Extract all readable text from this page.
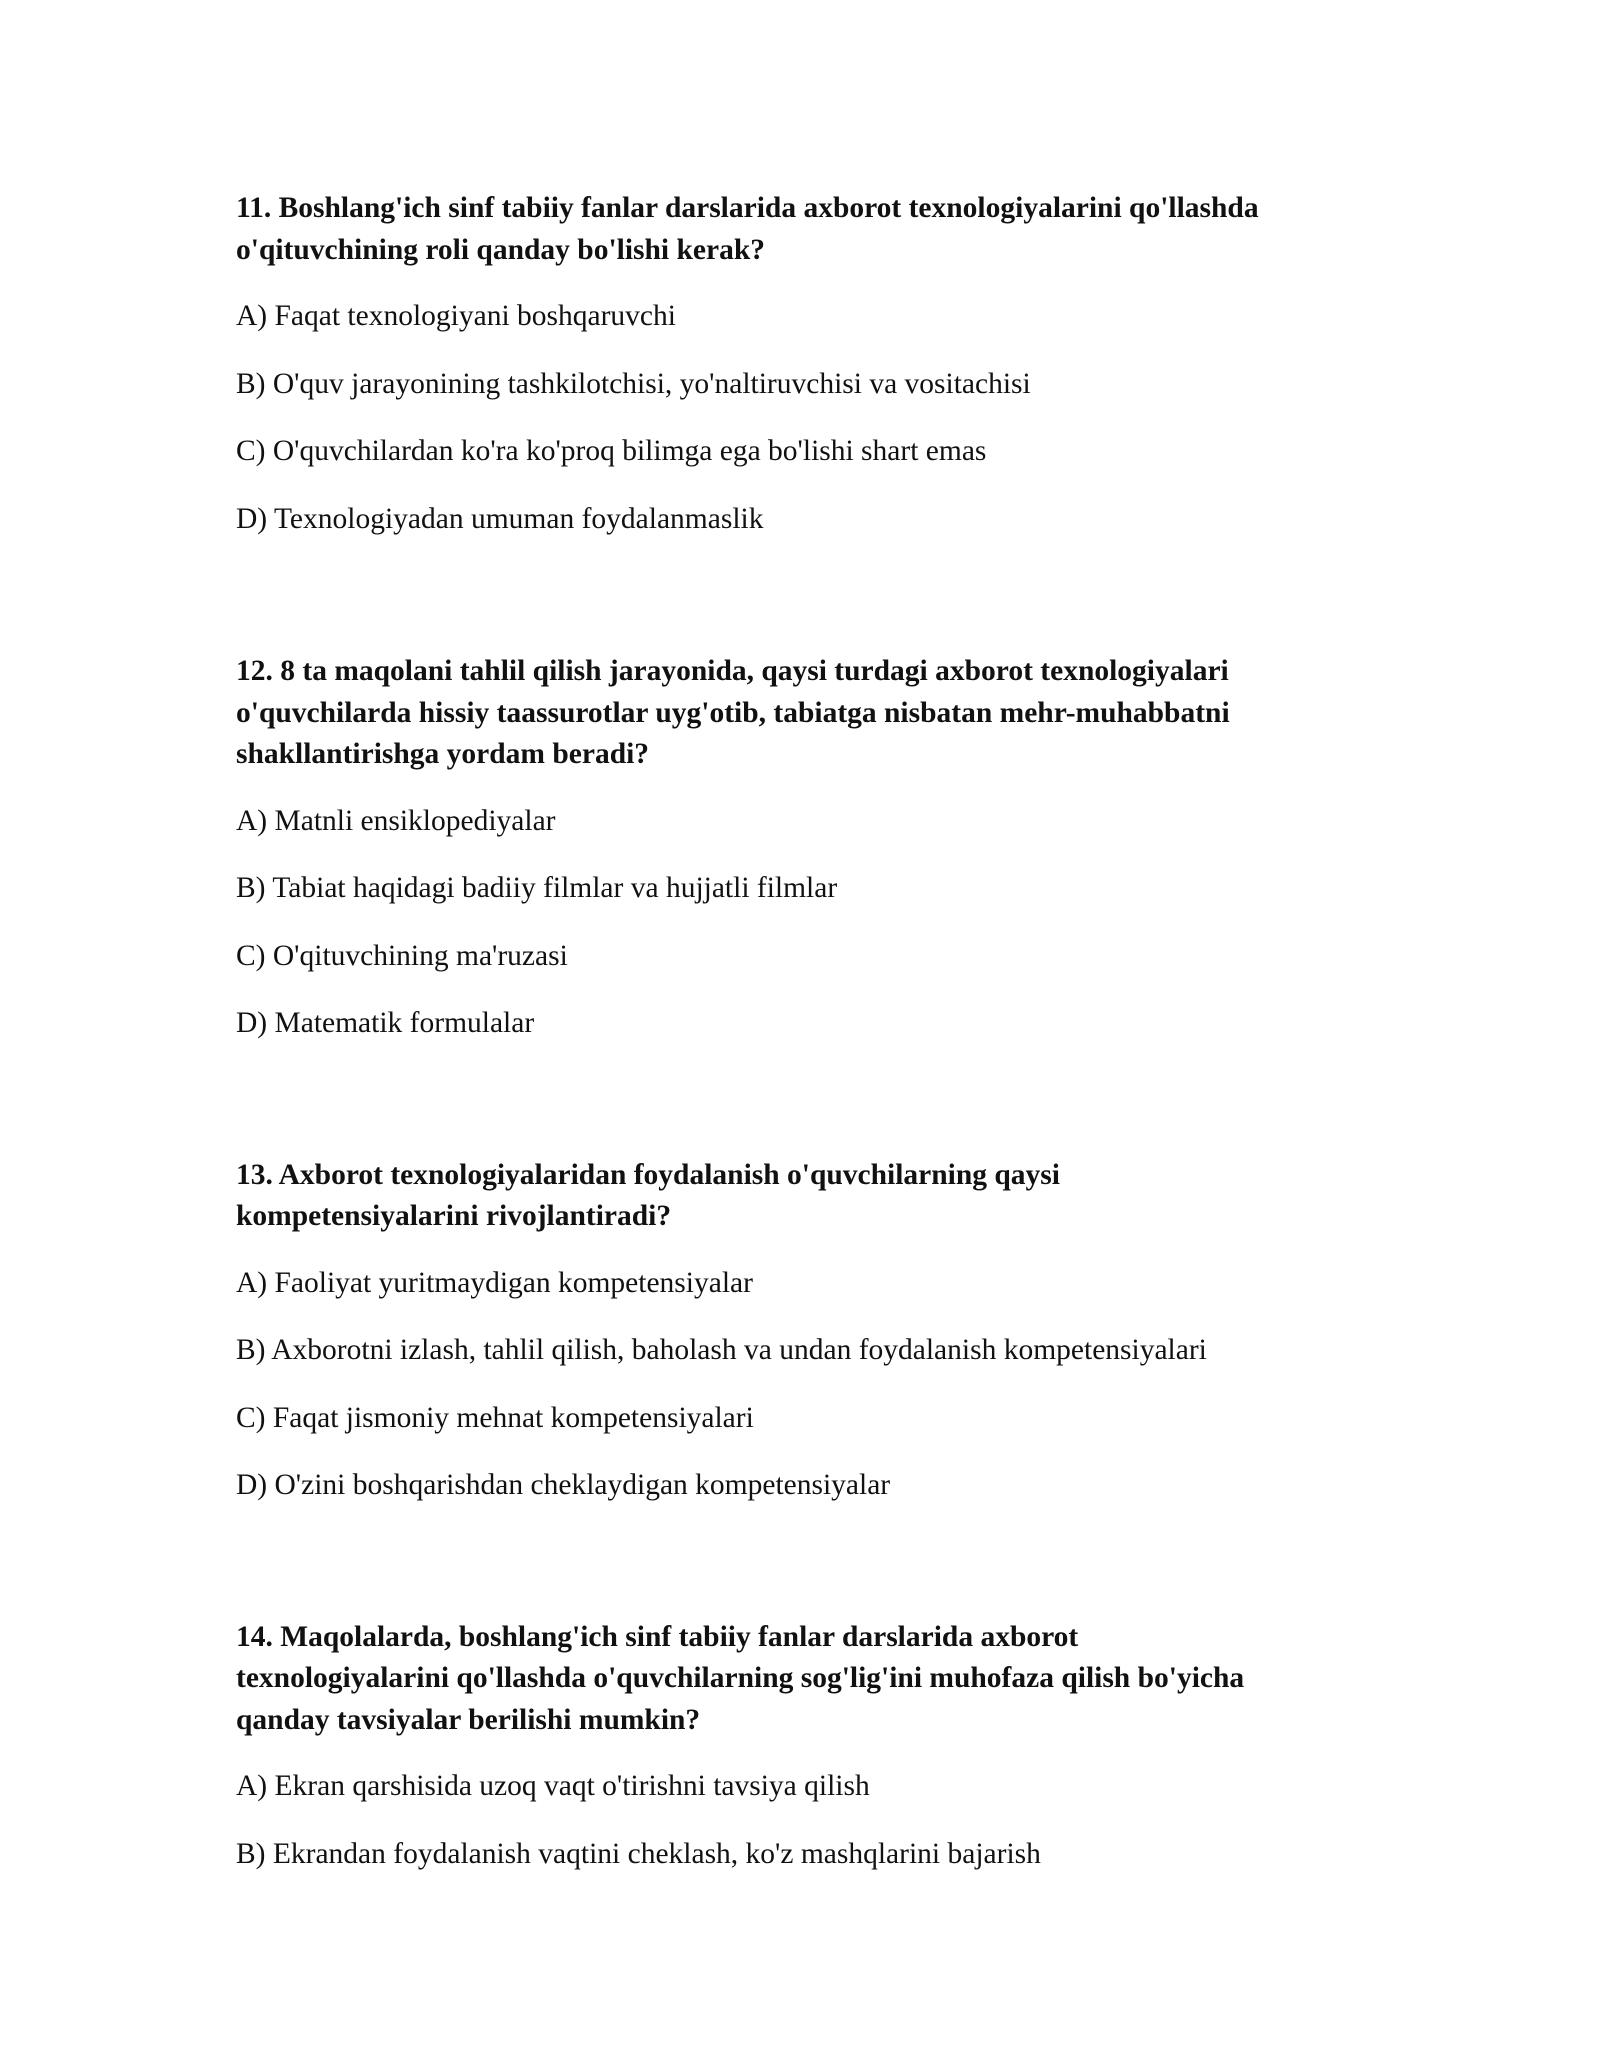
11. Boshlang'ich sinf tabiiy fanlar darslarida axborot texnologiyalarini qo'llashda
o'qituvchining roli qanday bo'lishi kerak?
A) Faqat texnologiyani boshqaruvchi
B) O'quv jarayonining tashkilotchisi, yo'naltiruvchisi va vositachisi
C) O'quvchilardan ko'ra ko'proq bilimga ega bo'lishi shart emas
D) Texnologiyadan umuman foydalanmaslik
12. 8 ta maqolani tahlil qilish jarayonida, qaysi turdagi axborot texnologiyalari
o'quvchilarda hissiy taassurotlar uyg'otib, tabiatga nisbatan mehr-muhabbatni
shakllantirishga yordam beradi?
A) Matnli ensiklopediyalar
B) Tabiat haqidagi badiiy filmlar va hujjatli filmlar
C) O'qituvchining ma'ruzasi
D) Matematik formulalar
13. Axborot texnologiyalaridan foydalanish o'quvchilarning qaysi
kompetensiyalarini rivojlantiradi?
A) Faoliyat yuritmaydigan kompetensiyalar
B) Axborotni izlash, tahlil qilish, baholash va undan foydalanish kompetensiyalari
C) Faqat jismoniy mehnat kompetensiyalari
D) O'zini boshqarishdan cheklaydigan kompetensiyalar
14. Maqolalarda, boshlang'ich sinf tabiiy fanlar darslarida axborot
texnologiyalarini qo'llashda o'quvchilarning sog'lig'ini muhofaza qilish bo'yicha
qanday tavsiyalar berilishi mumkin?
A) Ekran qarshisida uzoq vaqt o'tirishni tavsiya qilish
B) Ekrandan foydalanish vaqtini cheklash, ko'z mashqlarini bajarish
